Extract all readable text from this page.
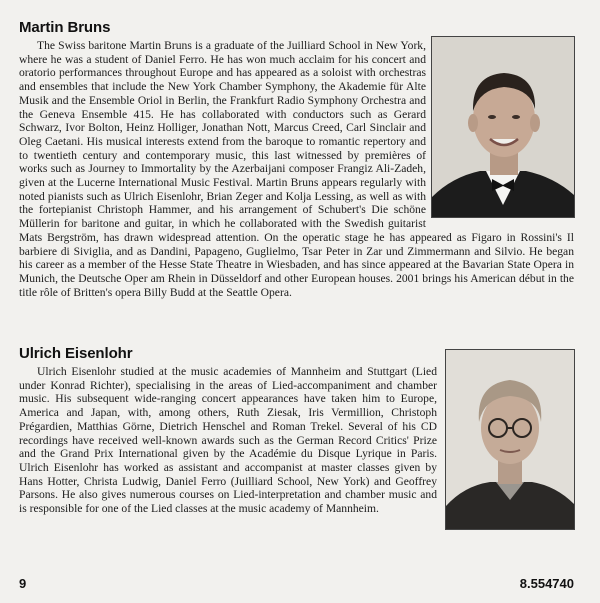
Martin Bruns

The Swiss baritone Martin Bruns is a graduate of the Juilliard School in New York, where he was a student of Daniel Ferro. He has won much acclaim for his concert and oratorio performances throughout Europe and has appeared as a soloist with orchestras and ensembles that include the New York Chamber Symphony, the Akademie für Alte Musik and the Ensemble Oriol in Berlin, the Frankfurt Radio Symphony Orchestra and the Geneva Ensemble 415. He has collaborated with conductors such as Gerard Schwarz, Ivor Bolton, Heinz Holliger, Jonathan Nott, Marcus Creed, Carl Sinclair and Oleg Caetani. His musical interests extend from the baroque to romantic repertory and to twentieth century and contemporary music, this last witnessed by premières of works such as Journey to Immortality by the Azerbaijani composer Frangiz Ali-Zadeh, given at the Lucerne International Music Festival. Martin Bruns appears regularly with noted pianists such as Ulrich Eisenlohr, Brian Zeger and Kolja Lessing, as well as with the fortepianist Christoph Hammer, and his arrangement of Schubert's Die schöne Müllerin for baritone and guitar, in which he collaborated with the Swedish guitarist Mats Bergström, has drawn widespread attention. On the operatic stage he has appeared as Figaro in Rossini's Il barbiere di Siviglia, and as Dandini, Papageno, Guglielmo, Tsar Peter in Zar und Zimmermann and Silvio. He began his career as a member of the Hesse State Theatre in Wiesbaden, and has since appeared at the Bavarian State Opera in Munich, the Deutsche Oper am Rhein in Düsseldorf and other European houses. 2001 brings his American début in the title rôle of Britten's opera Billy Budd at the Seattle Opera.

Ulrich Eisenlohr

Ulrich Eisenlohr studied at the music academies of Mannheim and Stuttgart (Lied under Konrad Richter), specialising in the areas of Lied-accompaniment and chamber music. His subsequent wide-ranging concert appearances have taken him to Europe, America and Japan, with, among others, Ruth Ziesak, Iris Vermillion, Christoph Prégardien, Matthias Görne, Dietrich Henschel and Roman Trekel. Several of his CD recordings have received well-known awards such as the German Record Critics' Prize and the Grand Prix International given by the Académie du Disque Lyrique in Paris. Ulrich Eisenlohr has worked as assistant and accompanist at master classes given by Hans Hotter, Christa Ludwig, Daniel Ferro (Juilliard School, New York) and Geoffrey Parsons. He also gives numerous courses on Lied-interpretation and chamber music and is responsible for one of the Lied classes at the music academy of Mannheim.

9	8.554740
